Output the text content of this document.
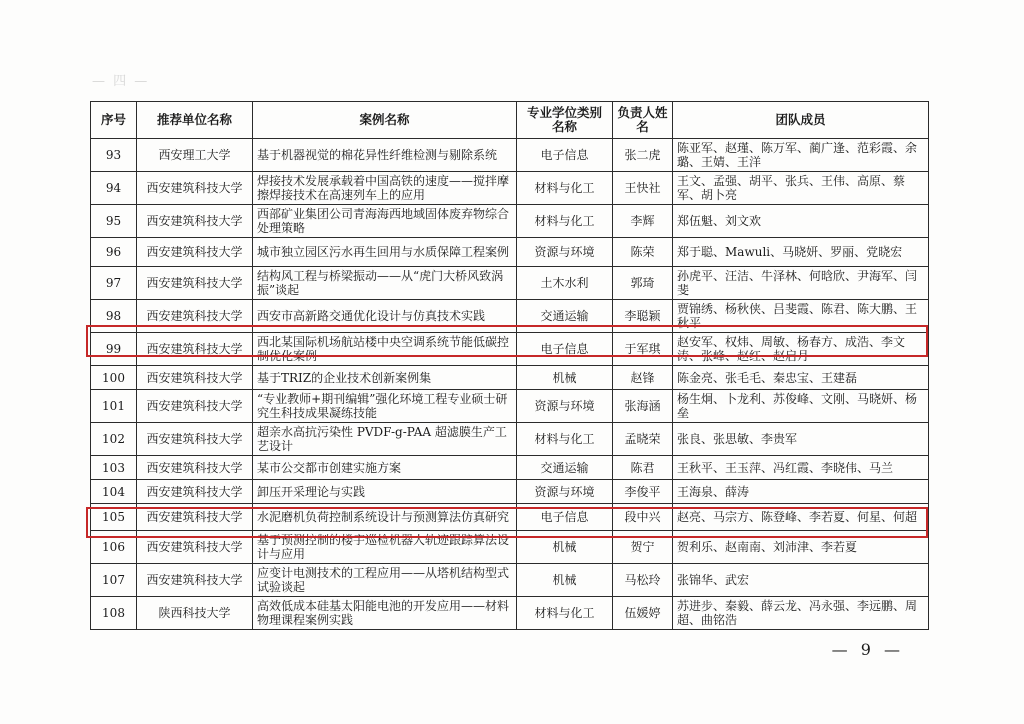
— 四 —
序号	推荐单位名称	案例名称	专业学位类别名称	负责人姓名	团队成员
93	西安理工大学	基于机器视觉的棉花异性纤维检测与剔除系统	电子信息	张二虎	陈亚军、赵瑾、陈万军、蔺广逢、范彩霞、余璐、王婧、王洋
94	西安建筑科技大学	焊接技术发展承载着中国高铁的速度——搅拌摩擦焊接技术在高速列车上的应用	材料与化工	王快社	王文、孟强、胡平、张兵、王伟、高原、蔡军、胡卜亮
95	西安建筑科技大学	西部矿业集团公司青海海西地域固体废弃物综合处理策略	材料与化工	李辉	郑伍魁、刘文欢
96	西安建筑科技大学	城市独立园区污水再生回用与水质保障工程案例	资源与环境	陈荣	郑于聪、Mawuli、马晓妍、罗丽、党晓宏
97	西安建筑科技大学	结构风工程与桥梁振动——从“虎门大桥风致涡振”谈起	土木水利	郭琦	孙虎平、汪洁、牛泽林、何晗欣、尹海军、闫斐
98	西安建筑科技大学	西安市高新路交通优化设计与仿真技术实践	交通运输	李聪颖	贾锦绣、杨秋侠、吕斐霞、陈君、陈大鹏、王秋平
99	西安建筑科技大学	西北某国际机场航站楼中央空调系统节能低碳控制优化案例	电子信息	于军琪	赵安军、权炜、周敏、杨春方、成浩、李文涛、张峰、赵红、赵启月
100	西安建筑科技大学	基于TRIZ的企业技术创新案例集	机械	赵锋	陈金亮、张毛毛、秦忠宝、王建磊
101	西安建筑科技大学	“专业教师+期刊编辑”强化环境工程专业硕士研究生科技成果凝练技能	资源与环境	张海涵	杨生炯、卜龙利、苏俊峰、文刚、马晓妍、杨垒
102	西安建筑科技大学	超亲水高抗污染性 PVDF-g-PAA 超滤膜生产工艺设计	材料与化工	孟晓荣	张良、张思敏、李贵军
103	西安建筑科技大学	某市公交都市创建实施方案	交通运输	陈君	王秋平、王玉萍、冯红霞、李晓伟、马兰
104	西安建筑科技大学	卸压开采理论与实践	资源与环境	李俊平	王海泉、薛涛
105	西安建筑科技大学	水泥磨机负荷控制系统设计与预测算法仿真研究	电子信息	段中兴	赵亮、马宗方、陈登峰、李若夏、何星、何超
106	西安建筑科技大学	基于预测控制的楼宇巡检机器人轨迹跟踪算法设计与应用	机械	贺宁	贺利乐、赵南南、刘沛津、李若夏
107	西安建筑科技大学	应变计电测技术的工程应用——从塔机结构型式试验谈起	机械	马松玲	张锦华、武宏
108	陕西科技大学	高效低成本硅基太阳能电池的开发应用——材料物理课程案例实践	材料与化工	伍媛婷	苏进步、秦毅、薛云龙、冯永强、李远鹏、周超、曲铭浩
— 9 —
